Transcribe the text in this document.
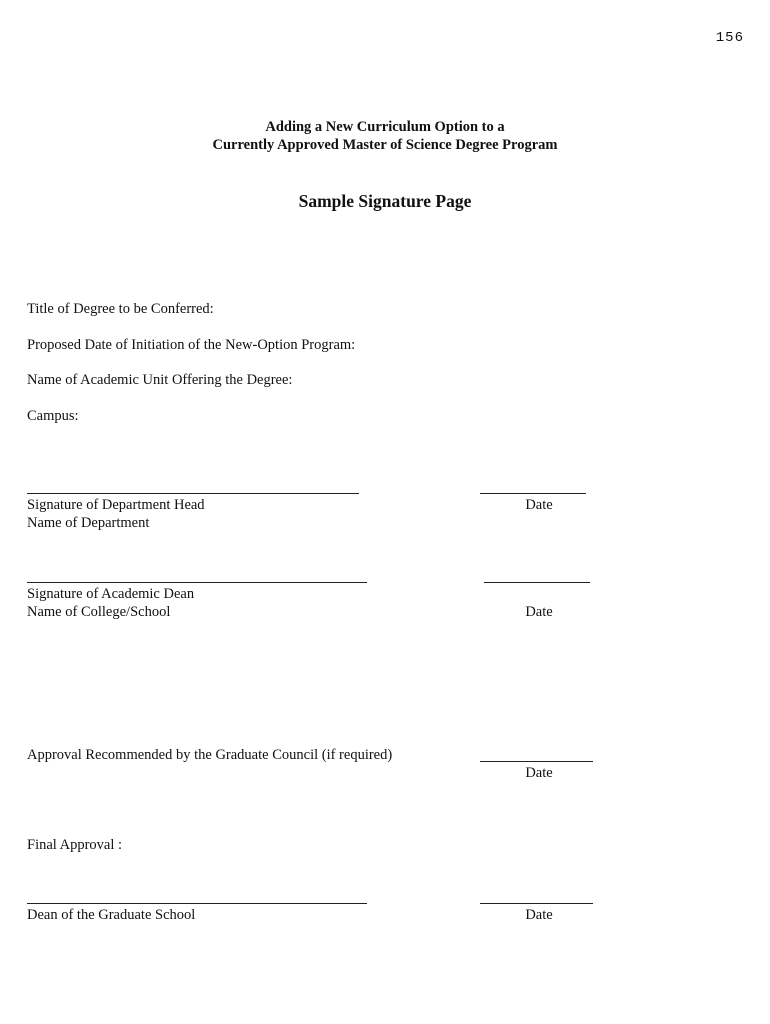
156
Adding a New Curriculum Option to a
Currently Approved Master of Science Degree Program
Sample Signature Page
Title of Degree to be Conferred:
Proposed Date of Initiation of the New-Option Program:
Name of Academic Unit Offering the Degree:
Campus:
Signature of Department Head
Name of Department
Date
Signature of Academic Dean
Name of College/School	Date
Approval Recommended by the Graduate Council (if required)
Date
Final Approval :
Dean of the Graduate School	Date
